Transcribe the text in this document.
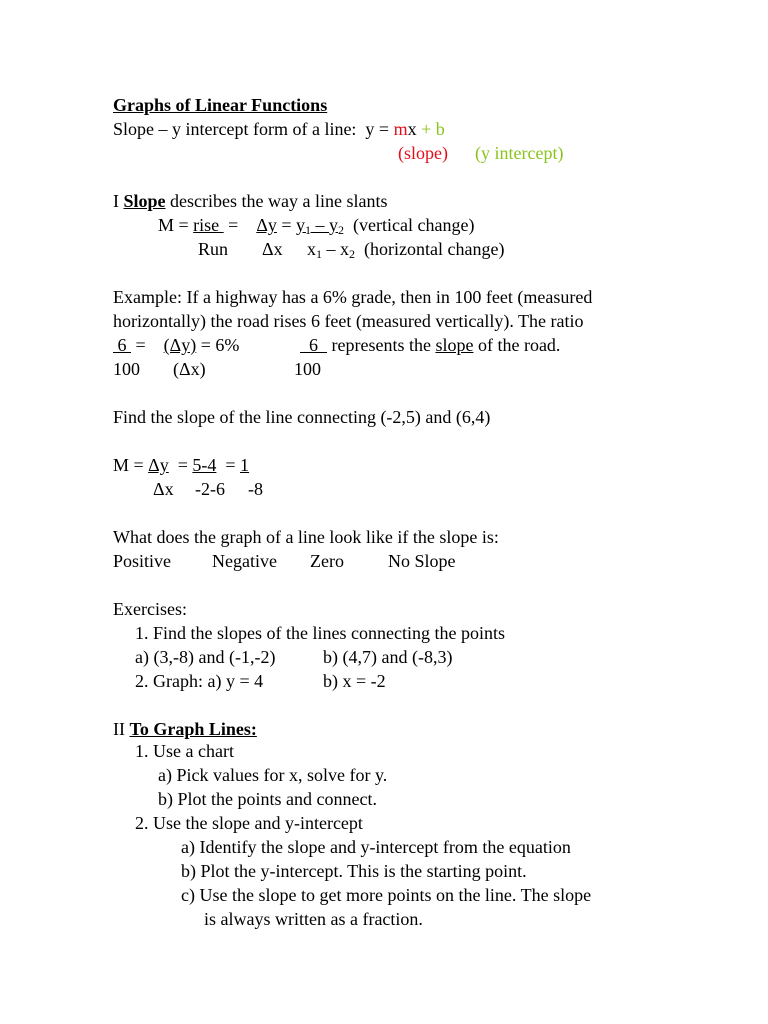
Graphs of Linear Functions
Slope – y intercept form of a line:  y = mx + b
(slope) (y intercept)
I Slope describes the way a line slants
M = rise  =    $\Delta y = y_1 - y_2$  (vertical change)
Run Δx $x_1 - x_2$  (horizontal change)
Example: If a highway has a 6% grade, then in 100 feet (measured
horizontally) the road rises 6 feet (measured vertically). The ratio
6  =    (Δy) = 6%	6   represents the slope of the road.
100 (Δx)	100
Find the slope of the line connecting (-2,5) and (6,4)
M = Δy  = 5-4  = 1
Δx -2-6 -8
What does the graph of a line look like if the slope is:
Positive Negative Zero No Slope
Exercises:
1. Find the slopes of the lines connecting the points
a) (3,-8) and (-1,-2)	b) (4,7) and (-8,3)
2. Graph: a) y = 4	b) x = -2
II To Graph Lines:
1. Use a chart
a) Pick values for x, solve for y.
b) Plot the points and connect.
2. Use the slope and y-intercept
a) Identify the slope and y-intercept from the equation
b) Plot the y-intercept. This is the starting point.
c) Use the slope to get more points on the line. The slope
is always written as a fraction.
